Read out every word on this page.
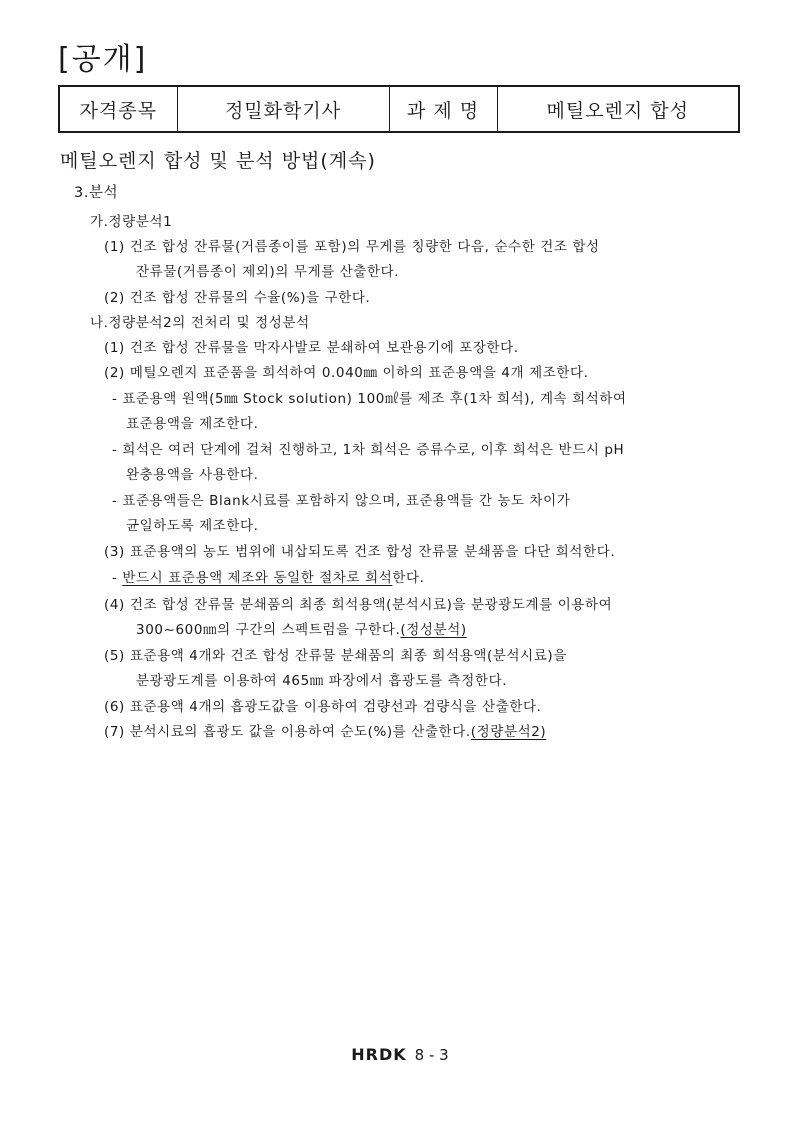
[공개]
자격종목	정밀화학기사	과 제 명	메틸오렌지 합성
메틸오렌지 합성 및 분석 방법(계속)
3.분석
가.정량분석1
(1) 건조 합성 잔류물(거름종이를 포함)의 무게를 칭량한 다음, 순수한 건조 합성
잔류물(거름종이 제외)의 무게를 산출한다.
(2) 건조 합성 잔류물의 수율(%)을 구한다.
나.정량분석2의 전처리 및 정성분석
(1) 건조 합성 잔류물을 막자사발로 분쇄하여 보관용기에 포장한다.
(2) 메틸오렌지 표준품을 희석하여 0.040㎜ 이하의 표준용액을 4개 제조한다.
- 표준용액 원액(5㎜ Stock solution) 100㎖를 제조 후(1차 희석), 계속 희석하여
표준용액을 제조한다.
- 희석은 여러 단계에 걸쳐 진행하고, 1차 희석은 증류수로, 이후 희석은 반드시 pH
완충용액을 사용한다.
- 표준용액들은 Blank시료를 포함하지 않으며, 표준용액들 간 농도 차이가
균일하도록 제조한다.
(3) 표준용액의 농도 범위에 내삽되도록 건조 합성 잔류물 분쇄품을 다단 희석한다.
- 반드시 표준용액 제조와 동일한 절차로 희석한다.
(4) 건조 합성 잔류물 분쇄품의 최종 희석용액(분석시료)을 분광광도계를 이용하여
300~600㎚의 구간의 스펙트럼을 구한다.(정성분석)
(5) 표준용액 4개와 건조 합성 잔류물 분쇄품의 최종 희석용액(분석시료)을
분광광도계를 이용하여 465㎚ 파장에서 흡광도를 측정한다.
(6) 표준용액 4개의 흡광도값을 이용하여 검량선과 검량식을 산출한다.
(7) 분석시료의 흡광도 값을 이용하여 순도(%)를 산출한다.(정량분석2)
HRDK 8 - 3
